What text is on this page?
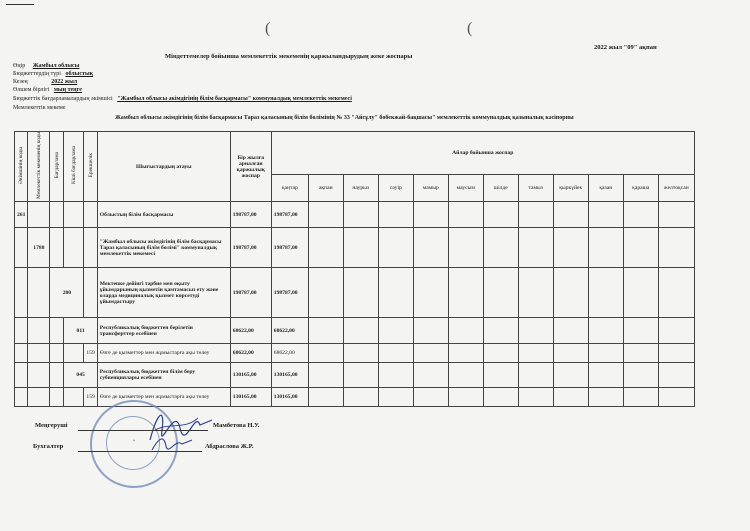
(	(
2022 жыл "09" ақпан
Міндеттемелер бойынша мемлекеттік мекеменің қаржыландырудың жеке жоспары
Өңір Жамбыл облысы
Бюджеттердің түрі облыстық
Кезең	2022 жыл
Өлшем бірлігі мың теңге
Бюджеттік бағдарламалардың әкімшісі "Жамбыл облысы әкімдігінің білім басқармасы" коммуналдық мемлекеттік мекемесі
Мемлекеттік мекеме
Жамбыл облысы әкімдігінің білім басқармасы Тараз қаласының білім бөлімінің № 33 "Айсұлу" бөбекжай-бақшасы" мемлекеттік коммуналдық қазыналық кәсіпорны
Әкімшінің коды	Мемлекеттік мекеменің коды	Бағдарлама	Кіші бағдарлама	Ерекшелік	Шығыстардың атауы	Бір жылға арналған қаржылық жоспар	Айлар бойынша жоспар											
							қаңтар	ақпан	наурыз	сәуір	мамыр	маусым	шілде	тамыз	қыркүйек	қазан	қараша	желтоқсан
261					Облыстың білім басқармасы	198787,00	198787,00											
	1788				"Жамбыл облысы әкімдігінің білім басқармасы Тараз қаласының білім бөлімі" коммуналдық мемлекеттік мекемесі	198787,00	198787,00											
		200			Мектепке дейінгі тәрбие мен оқыту ұйымдарының қызметін қамтамасыз ету және оларда медициналық қызмет көрсетуді ұйымдастыру	198787,00	198787,00											
			011		Республикалық бюджеттен берілетін трансферттер есебінен	68622,00	68622,00											
				159	Өзге де қызметтер мен жұмыстарға ақы төлеу	68622,00	68622,00											
			045		Республикалық бюджеттен білім беру субвенциялары есебінен	130165,00	130165,00											
				159	Өзге де қызметтер мен жұмыстарға ақы төлеу	130165,00	130165,00											
✦
Меңгеруші	Мамбетова Н.У.
Бухгалтер	Абдраслова Ж.Р.
